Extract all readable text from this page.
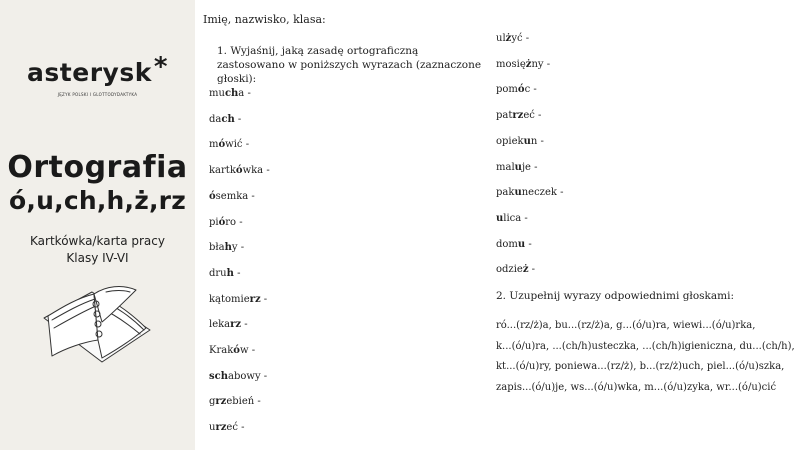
asterysk*
JĘZYK POLSKI I GLOTTODYDAKTYKA
Ortografia
ó,u,ch,h,ż,rz
Kartkówka/karta pracy
Klasy IV-VI
Imię, nazwisko, klasa:
1. Wyjaśnij, jaką zasadę ortograficzną zastosowano w poniższych wyrazach (zaznaczone głoski):
mucha -
dach -
mówić -
kartkówka -
ósemka -
pióro -
błahy -
druh -
kątomierz -
lekarz -
Kraków -
schabowy -
grzebień -
urzeć -
ulżyć -
mosiężny -
pomóc -
patrzeć -
opiekun -
maluje -
pakuneczek -
ulica -
domu -
odzież -
2. Uzupełnij wyrazy odpowiednimi głoskami:
ró...(rz/ż)a, bu...(rz/ż)a, g...(ó/u)ra, wiewi...(ó/u)rka,
k...(ó/u)ra, ...(ch/h)usteczka, ...(ch/h)igieniczna, du...(ch/h),
kt...(ó/u)ry, poniewa...(rz/ż), b...(rz/ż)uch, piel...(ó/u)szka,
zapis...(ó/u)je, ws...(ó/u)wka, m...(ó/u)zyka, wr...(ó/u)cić
